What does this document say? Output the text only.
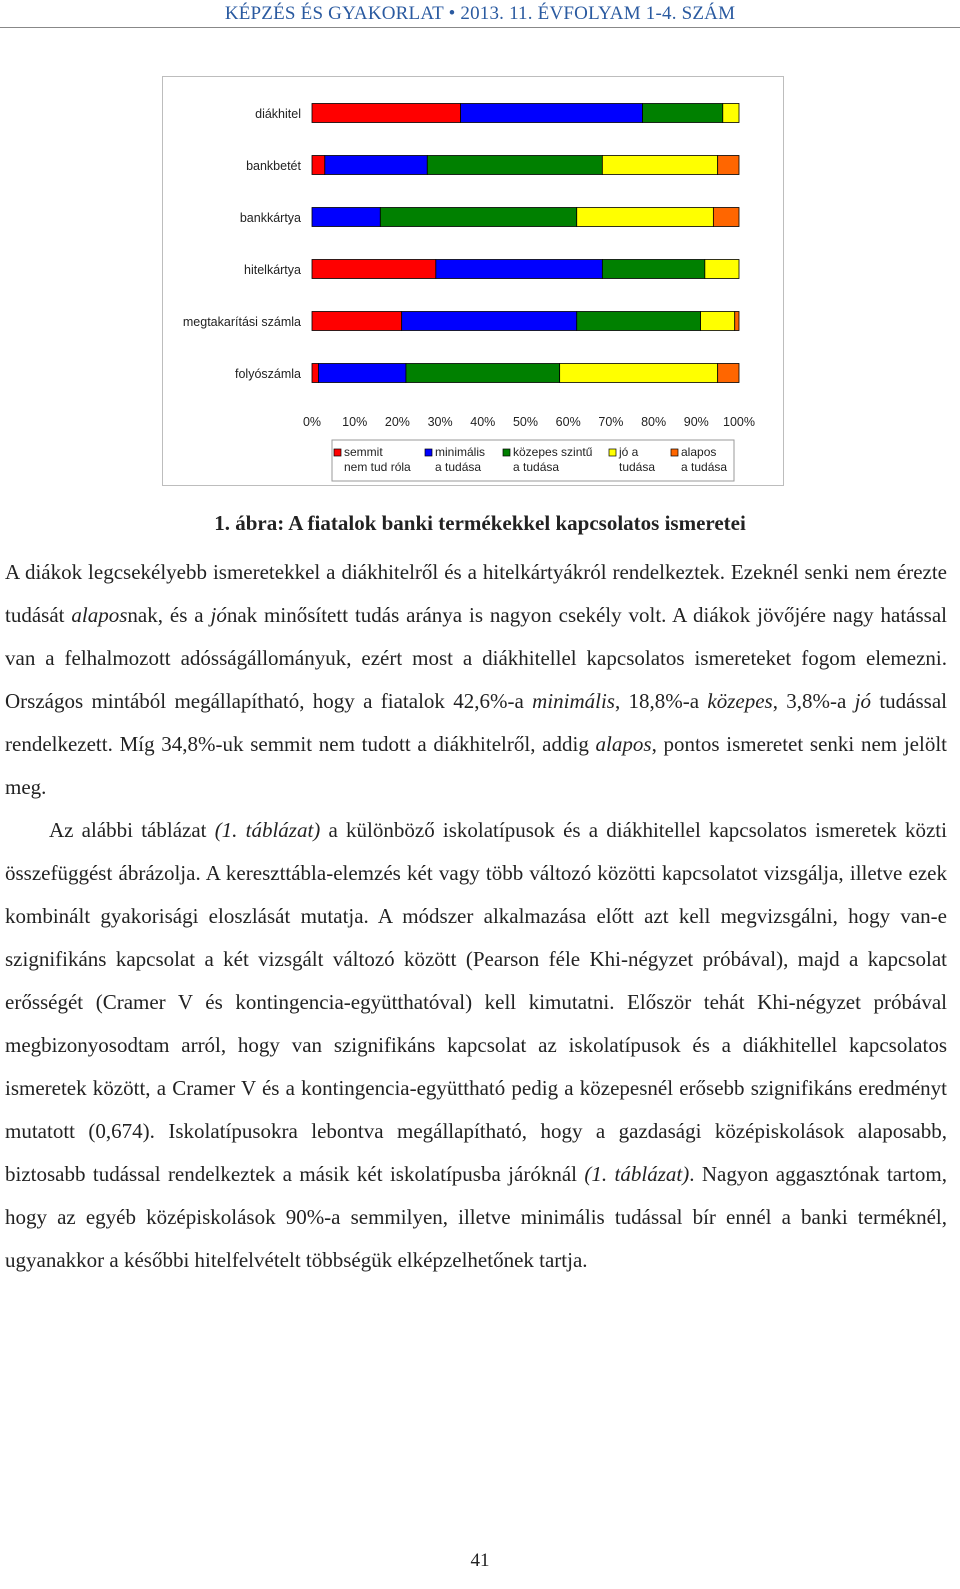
KÉPZÉS ÉS GYAKORLAT • 2013. 11. ÉVFOLYAM 1-4. SZÁM
diákhitel
bankbetét
bankkártya
hitelkártya
megtakarítási számla
folyószámla
0% 10% 20% 30% 40% 50% 60% 70% 80% 90% 100%
semmit
nem tud róla
minimális
a tudása
közepes szintű
a tudása
jó a
tudása
alapos
a tudása
1. ábra: A fiatalok banki termékekkel kapcsolatos ismeretei

A diákok legcsekélyebb ismeretekkel a diákhitelről és a hitelkártyákról rendelkeztek. Ezeknél senki nem érezte tudását alaposnak, és a jónak minősített tudás aránya is nagyon csekély volt. A diákok jövőjére nagy hatással van a felhalmozott adósságállományuk, ezért most a diákhitellel kapcsolatos ismereteket fogom elemezni. Országos mintából megállapítható, hogy a fiatalok 42,6%-a minimális, 18,8%-a közepes, 3,8%-a jó tudással rendelkezett. Míg 34,8%-uk semmit nem tudott a diákhitelről, addig alapos, pontos ismeretet senki nem jelölt meg.

Az alábbi táblázat (1. táblázat) a különböző iskolatípusok és a diákhitellel kapcsolatos ismeretek közti összefüggést ábrázolja. A kereszttábla-elemzés két vagy több változó közötti kapcsolatot vizsgálja, illetve ezek kombinált gyakorisági eloszlását mutatja. A módszer alkalmazása előtt azt kell megvizsgálni, hogy van-e szignifikáns kapcsolat a két vizsgált változó között (Pearson féle Khi-négyzet próbával), majd a kapcsolat erősségét (Cramer V és kontingencia-együtthatóval) kell kimutatni. Először tehát Khi-négyzet próbával megbizonyosodtam arról, hogy van szignifikáns kapcsolat az iskolatípusok és a diákhitellel kapcsolatos ismeretek között, a Cramer V és a kontingencia-együttható pedig a közepesnél erősebb szignifikáns eredményt mutatott (0,674). Iskolatípusokra lebontva megállapítható, hogy a gazdasági középiskolások alaposabb, biztosabb tudással rendelkeztek a másik két iskolatípusba járóknál (1. táblázat). Nagyon aggasztónak tartom, hogy az egyéb középiskolások 90%-a semmilyen, illetve minimális tudással bír ennél a banki terméknél, ugyanakkor a későbbi hitelfelvételt többségük elképzelhetőnek tartja.

41
